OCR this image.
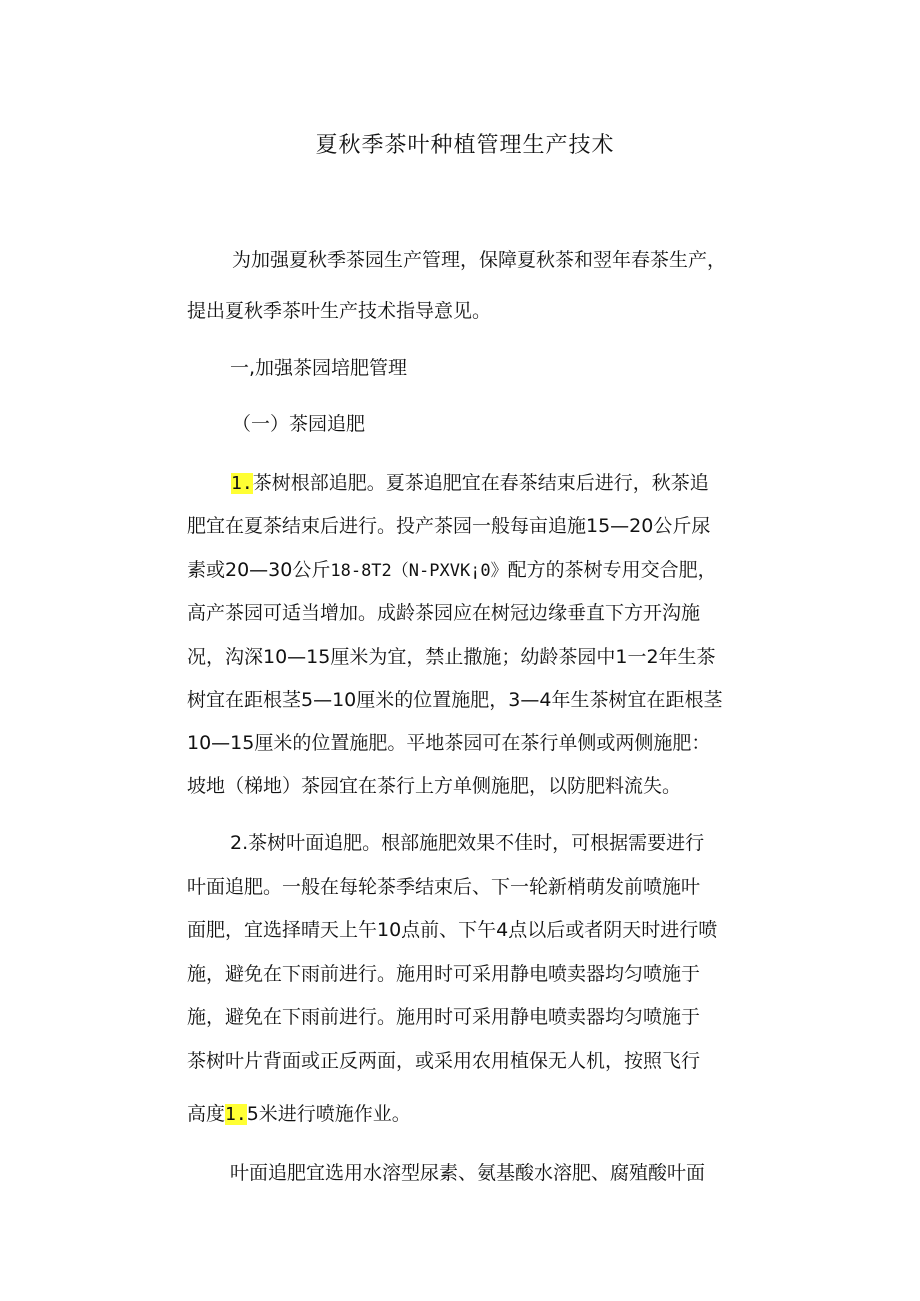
夏秋季茶叶种植管理生产技术
为加强夏秋季茶园生产管理，保障夏秋茶和翌年春茶生产，
提出夏秋季茶叶生产技术指导意见。
一,加强茶园培肥管理
（一）茶园追肥
1.茶树根部追肥。夏茶追肥宜在春茶结束后进行，秋茶追
肥宜在夏茶结束后进行。投产茶园一般每亩追施15—20公斤尿
素或20—30公斤18-8T2（N-PXVK¡0》配方的茶树专用交合肥，
高产茶园可适当增加。成龄茶园应在树冠边缘垂直下方开沟施
况，沟深10—15厘米为宜，禁止撒施；幼龄茶园中1一2年生茶
树宜在距根茎5—10厘米的位置施肥，3—4年生茶树宜在距根茎
10—15厘米的位置施肥。平地茶园可在茶行单侧或两侧施肥：
坡地（梯地）茶园宜在茶行上方单侧施肥，以防肥料流失。
2.茶树叶面追肥。根部施肥效果不佳时，可根据需要进行
叶面追肥。一般在每轮茶季结束后、下一轮新梢萌发前喷施叶
面肥，宜选择晴天上午10点前、下午4点以后或者阴天时进行喷
施，避免在下雨前进行。施用时可采用静电喷卖器均匀喷施于
施，避免在下雨前进行。施用时可采用静电喷卖器均匀喷施于
茶树叶片背面或正反两面，或采用农用植保无人机，按照飞行
高度1.5米进行喷施作业。
叶面追肥宜选用水溶型尿素、氨基酸水溶肥、腐殖酸叶面
